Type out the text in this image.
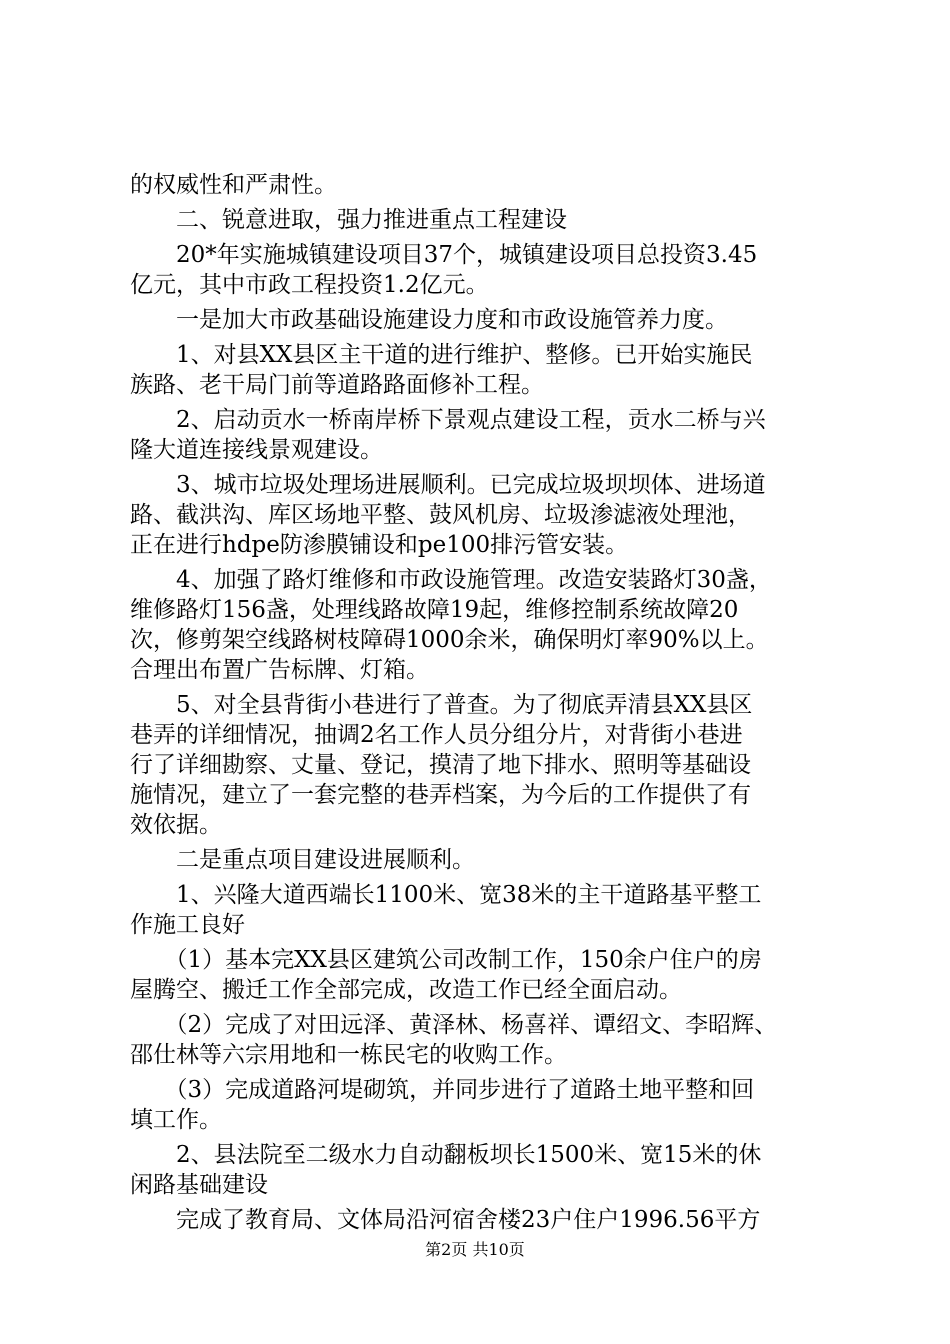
的权威性和严肃性。
　　二、锐意进取，强力推进重点工程建设
　　20*年实施城镇建设项目37个，城镇建设项目总投资3.45
亿元，其中市政工程投资1.2亿元。
　　一是加大市政基础设施建设力度和市政设施管养力度。
　　1、对县XX县区主干道的进行维护、整修。已开始实施民
族路、老干局门前等道路路面修补工程。
　　2、启动贡水一桥南岸桥下景观点建设工程，贡水二桥与兴
隆大道连接线景观建设。
　　3、城市垃圾处理场进展顺利。已完成垃圾坝坝体、进场道
路、截洪沟、库区场地平整、鼓风机房、垃圾渗滤液处理池，
正在进行hdpe防渗膜铺设和pe100排污管安装。
　　4、加强了路灯维修和市政设施管理。改造安装路灯30盏，
维修路灯156盏，处理线路故障19起，维修控制系统故障20
次，修剪架空线路树枝障碍1000余米，确保明灯率90%以上。
合理出布置广告标牌、灯箱。
　　5、对全县背街小巷进行了普查。为了彻底弄清县XX县区
巷弄的详细情况，抽调2名工作人员分组分片，对背街小巷进
行了详细勘察、丈量、登记，摸清了地下排水、照明等基础设
施情况，建立了一套完整的巷弄档案，为今后的工作提供了有
效依据。
　　二是重点项目建设进展顺利。
　　1、兴隆大道西端长1100米、宽38米的主干道路基平整工
作施工良好
　　（1）基本完XX县区建筑公司改制工作，150余户住户的房
屋腾空、搬迁工作全部完成，改造工作已经全面启动。
　　（2）完成了对田远泽、黄泽林、杨喜祥、谭绍文、李昭辉、
邵仕林等六宗用地和一栋民宅的收购工作。
　　（3）完成道路河堤砌筑，并同步进行了道路土地平整和回
填工作。
　　2、县法院至二级水力自动翻板坝长1500米、宽15米的休
闲路基础建设
　　完成了教育局、文体局沿河宿舍楼23户住户1996.56平方
第2页 共10页
